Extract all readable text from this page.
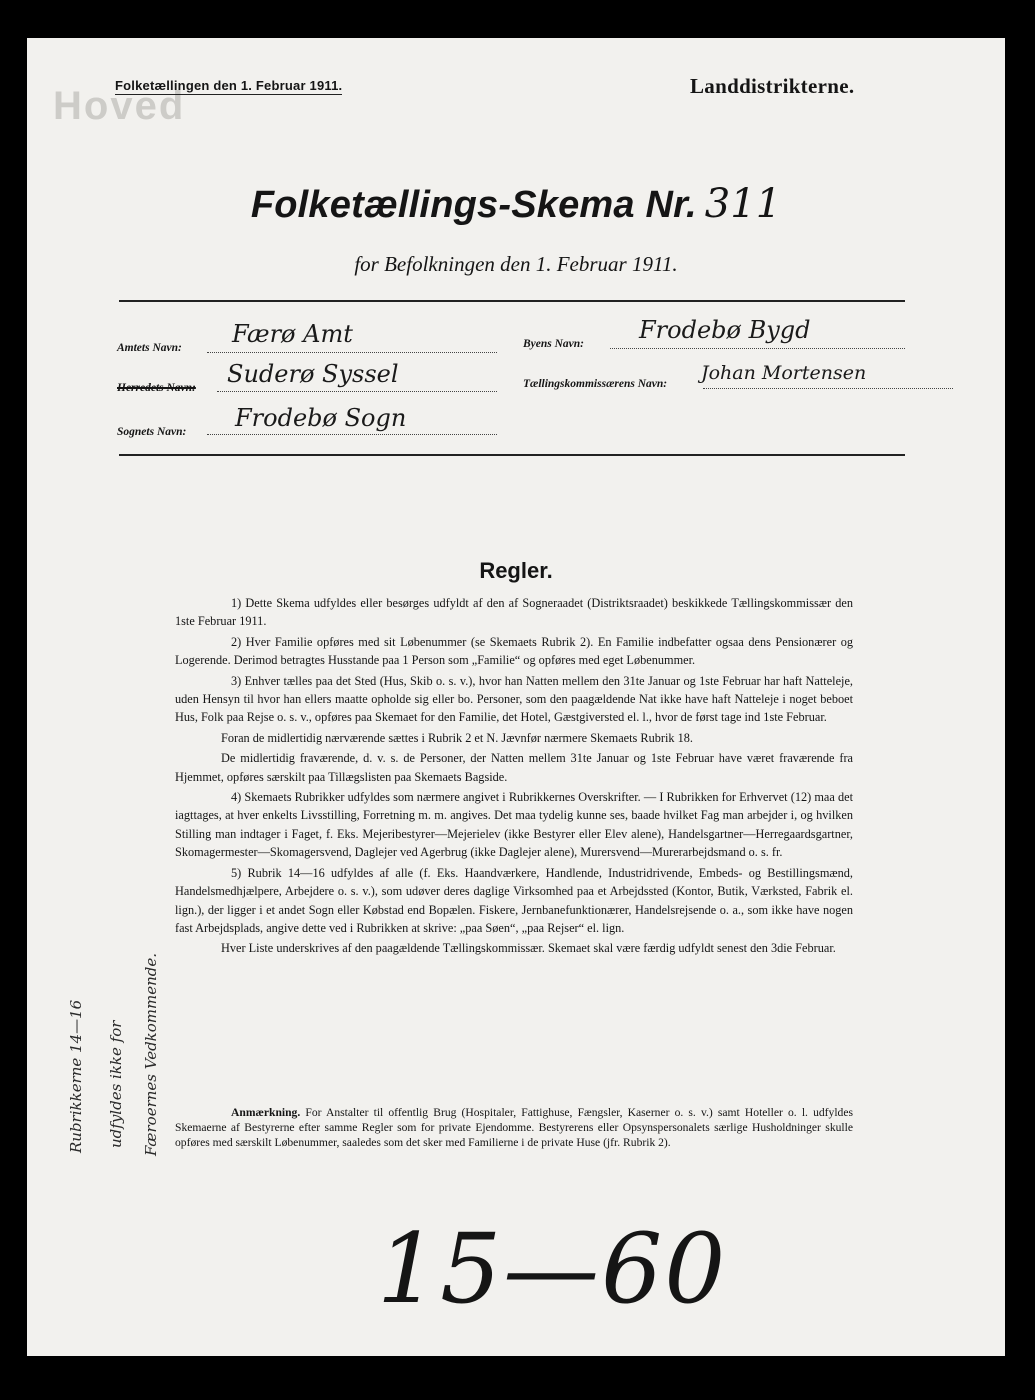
Hoved
Folketællingen den 1. Februar 1911.	Landdistrikterne.
Folketællings-Skema Nr. 311
for Befolkningen den 1. Februar 1911.
Amtets Navn: Færø Amt
Herredets Navn: Suderø Syssel
Sognets Navn: Frodebø Sogn
Byens Navn: Frodebø Bygd
Tællingskommissærens Navn: Johan Mortensen
Regler.

1) Dette Skema udfyldes eller besørges udfyldt af den af Sogneraadet (Distriktsraadet) beskikkede Tællingskommissær den 1ste Februar 1911.

2) Hver Familie opføres med sit Løbenummer (se Skemaets Rubrik 2). En Familie indbefatter ogsaa dens Pensionærer og Logerende. Derimod betragtes Husstande paa 1 Person som „Familie“ og opføres med eget Løbenummer.

3) Enhver tælles paa det Sted (Hus, Skib o. s. v.), hvor han Natten mellem den 31te Januar og 1ste Februar har haft Natteleje, uden Hensyn til hvor han ellers maatte opholde sig eller bo. Personer, som den paagældende Nat ikke have haft Natteleje i noget beboet Hus, Folk paa Rejse o. s. v., opføres paa Skemaet for den Familie, det Hotel, Gæstgiversted el. l., hvor de først tage ind 1ste Februar.

Foran de midlertidig nærværende sættes i Rubrik 2 et N. Jævnfør nærmere Skemaets Rubrik 18.

De midlertidig fraværende, d. v. s. de Personer, der Natten mellem 31te Januar og 1ste Februar have været fraværende fra Hjemmet, opføres særskilt paa Tillægslisten paa Skemaets Bagside.

4) Skemaets Rubrikker udfyldes som nærmere angivet i Rubrikkernes Overskrifter. — I Rubrikken for Erhvervet (12) maa det iagttages, at hver enkelts Livsstilling, Forretning m. m. angives. Det maa tydelig kunne ses, baade hvilket Fag man arbejder i, og hvilken Stilling man indtager i Faget, f. Eks. Mejeribestyrer—Mejerielev (ikke Bestyrer eller Elev alene), Handelsgartner—Herregaardsgartner, Skomagermester—Skomagersvend, Daglejer ved Agerbrug (ikke Daglejer alene), Murersvend—Murerarbejdsmand o. s. fr.

5) Rubrik 14—16 udfyldes af alle (f. Eks. Haandværkere, Handlende, Industridrivende, Embeds- og Bestillingsmænd, Handelsmedhjælpere, Arbejdere o. s. v.), som udøver deres daglige Virksomhed paa et Arbejdssted (Kontor, Butik, Værksted, Fabrik el. lign.), der ligger i et andet Sogn eller Købstad end Bopælen. Fiskere, Jernbanefunktionærer, Handelsrejsende o. a., som ikke have nogen fast Arbejdsplads, angive dette ved i Rubrikken at skrive: „paa Søen“, „paa Rejser“ el. lign.

Hver Liste underskrives af den paagældende Tællingskommissær. Skemaet skal være færdig udfyldt senest den 3die Februar.

Anmærkning. For Anstalter til offentlig Brug (Hospitaler, Fattighuse, Fængsler, Kaserner o. s. v.) samt Hoteller o. l. udfyldes Skemaerne af Bestyrerne efter samme Regler som for private Ejendomme. Bestyrerens eller Opsynspersonalets særlige Husholdninger skulle opføres med særskilt Løbenummer, saaledes som det sker med Familierne i de private Huse (jfr. Rubrik 2).

Rubrikkerne 14—16 udfyldes ikke for Færoernes Vedkommende.
15—60
